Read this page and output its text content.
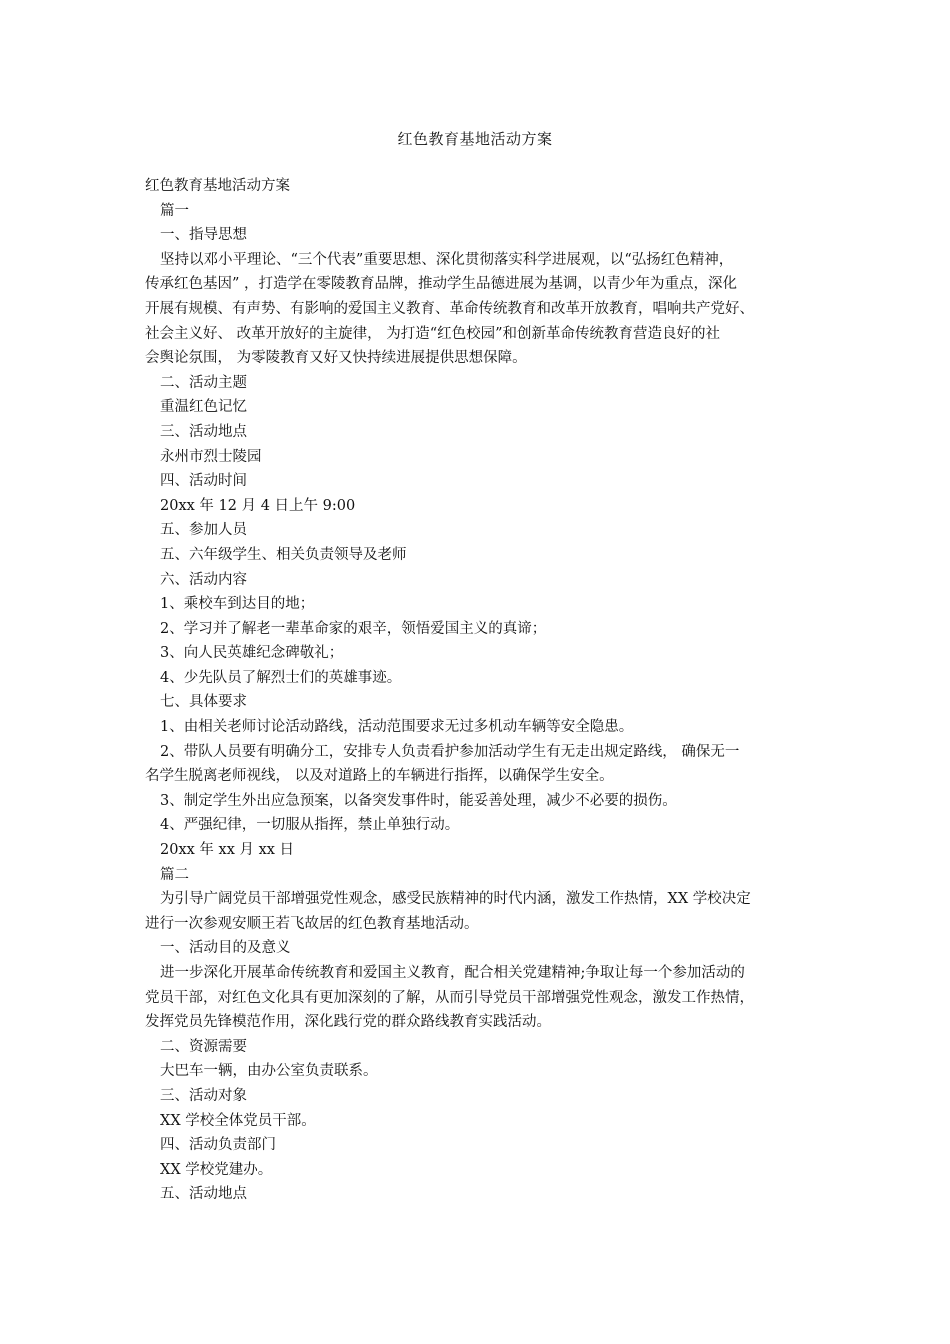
红色教育基地活动方案
红色教育基地活动方案
篇一
一、指导思想
坚持以邓小平理论、“三个代表”重要思想、深化贯彻落实科学进展观，以“弘扬红色精神，
传承红色基因” ，打造学在零陵教育品牌，推动学生品德进展为基调，以青少年为重点，深化
开展有规模、有声势、有影响的爱国主义教育、革命传统教育和改革开放教育，唱响共产党好、
社会主义好、 改革开放好的主旋律， 为打造“红色校园”和创新革命传统教育营造良好的社
会舆论氛围， 为零陵教育又好又快持续进展提供思想保障。
二、活动主题
重温红色记忆
三、活动地点
永州市烈士陵园
四、活动时间
20xx 年 12 月 4 日上午 9:00
五、参加人员
五、六年级学生、相关负责领导及老师
六、活动内容
1、乘校车到达目的地；
2、学习并了解老一辈革命家的艰辛，领悟爱国主义的真谛；
3、向人民英雄纪念碑敬礼；
4、少先队员了解烈士们的英雄事迹。
七、具体要求
1、由相关老师讨论活动路线，活动范围要求无过多机动车辆等安全隐患。
2、带队人员要有明确分工，安排专人负责看护参加活动学生有无走出规定路线， 确保无一
名学生脱离老师视线， 以及对道路上的车辆进行指挥，以确保学生安全。
3、制定学生外出应急预案，以备突发事件时，能妥善处理，减少不必要的损伤。
4、严强纪律，一切服从指挥，禁止单独行动。
20xx 年 xx 月 xx 日
篇二
为引导广阔党员干部增强党性观念，感受民族精神的时代内涵，激发工作热情，XX 学校决定
进行一次参观安顺王若飞故居的红色教育基地活动。
一、活动目的及意义
进一步深化开展革命传统教育和爱国主义教育，配合相关党建精神;争取让每一个参加活动的
党员干部，对红色文化具有更加深刻的了解，从而引导党员干部增强党性观念，激发工作热情，
发挥党员先锋模范作用，深化践行党的群众路线教育实践活动。
二、资源需要
大巴车一辆，由办公室负责联系。
三、活动对象
XX 学校全体党员干部。
四、活动负责部门
XX 学校党建办。
五、活动地点
